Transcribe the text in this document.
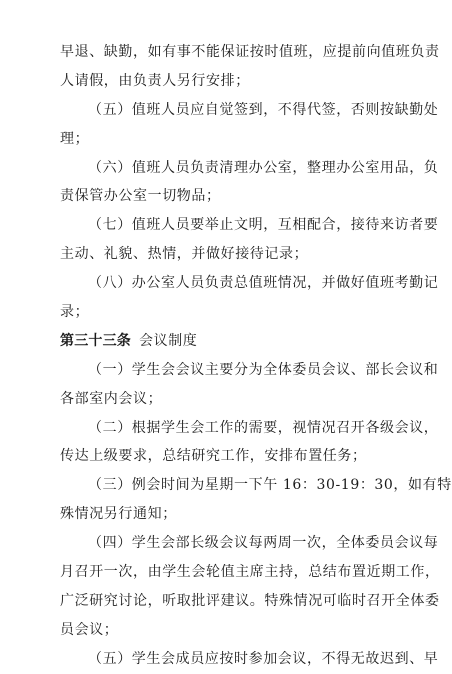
早退、缺勤，如有事不能保证按时值班，应提前向值班负责
人请假，由负责人另行安排；
（五）值班人员应自觉签到，不得代签，否则按缺勤处
理；
（六）值班人员负责清理办公室，整理办公室用品，负
责保管办公室一切物品；
（七）值班人员要举止文明，互相配合，接待来访者要
主动、礼貌、热情，并做好接待记录；
（八）办公室人员负责总值班情况，并做好值班考勤记
录；
第三十三条 会议制度
（一）学生会会议主要分为全体委员会议、部长会议和
各部室内会议；
（二）根据学生会工作的需要，视情况召开各级会议，
传达上级要求，总结研究工作，安排布置任务；
（三）例会时间为星期一下午 16：30-19：30，如有特
殊情况另行通知；
（四）学生会部长级会议每两周一次，全体委员会议每
月召开一次，由学生会轮值主席主持，总结布置近期工作，
广泛研究讨论，听取批评建议。特殊情况可临时召开全体委
员会议；
（五）学生会成员应按时参加会议，不得无故迟到、早
